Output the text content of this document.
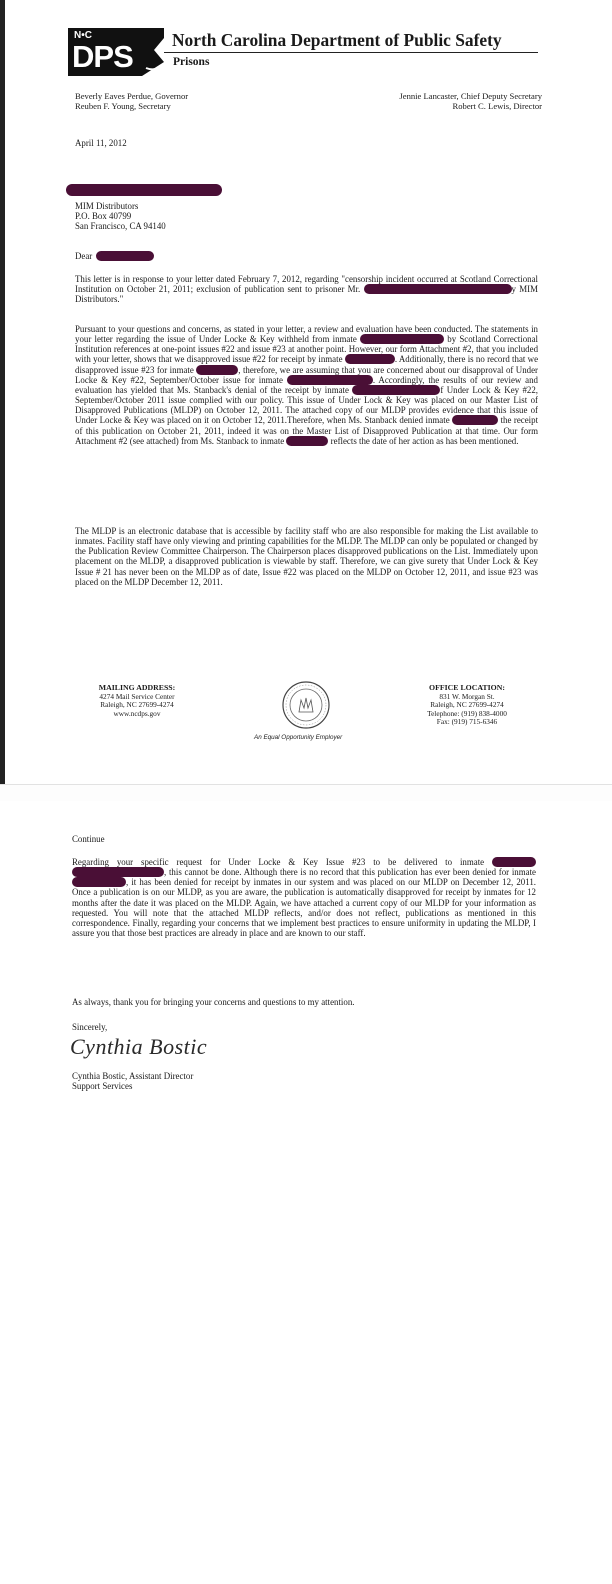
N•C
DPS North Carolina Department of Public Safety
Prisons
Beverly Eaves Perdue, Governor
Reuben F. Young, Secretary
Jennie Lancaster, Chief Deputy Secretary
Robert C. Lewis, Director
April 11, 2012
MIM Distributors
P.O. Box 40799
San Francisco, CA 94140
Dear
This letter is in response to your letter dated February 7, 2012, regarding "censorship incident occurred at Scotland Correctional Institution on October 21, 2011; exclusion of publication sent to prisoner Mr.	y MIM Distributors."
Pursuant to your questions and concerns, as stated in your letter, a review and evaluation have been conducted. The statements in your letter regarding the issue of Under Locke & Key withheld from inmate	by Scotland Correctional Institution references at one-point issues #22 and issue #23 at another point. However, our form Attachment #2, that you included with your letter, shows that we disapproved issue #22 for receipt by inmate	. Additionally, there is no record that we disapproved issue #23 for inmate	, therefore, we are assuming that you are concerned about our disapproval of Under Locke & Key #22, September/October issue for inmate	. Accordingly, the results of our review and evaluation has yielded that Ms. Stanback's denial of the receipt by inmate	f Under Lock & Key #22, September/October 2011 issue complied with our policy. This issue of Under Lock & Key was placed on our Master List of Disapproved Publications (MLDP) on October 12, 2011. The attached copy of our MLDP provides evidence that this issue of Under Locke & Key was placed on it on October 12, 2011.Therefore, when Ms. Stanback denied inmate	the receipt of this publication on October 21, 2011, indeed it was on the Master List of Disapproved Publication at that time. Our form Attachment #2 (see attached) from Ms. Stanback to inmate	reflects the date of her action as has been mentioned.
The MLDP is an electronic database that is accessible by facility staff who are also responsible for making the List available to inmates. Facility staff have only viewing and printing capabilities for the MLDP. The MLDP can only be populated or changed by the Publication Review Committee Chairperson. The Chairperson places disapproved publications on the List. Immediately upon placement on the MLDP, a disapproved publication is viewable by staff. Therefore, we can give surety that Under Lock & Key Issue # 21 has never been on the MLDP as of date, Issue #22 was placed on the MLDP on October 12, 2011, and issue #23 was placed on the MLDP December 12, 2011.
MAILING ADDRESS:
4274 Mail Service Center
Raleigh, NC 27699-4274
www.ncdps.gov
An Equal Opportunity Employer
OFFICE LOCATION:
831 W. Morgan St.
Raleigh, NC 27699-4274
Telephone: (919) 838-4000
Fax: (919) 715-6346
Continue
Regarding your specific request for Under Locke & Key Issue #23 to be delivered to inmate  , this cannot be done. Although there is no record that this publication has ever been denied for inmate , it has been denied for receipt by inmates in our system and was placed on our MLDP on December 12, 2011. Once a publication is on our MLDP, as you are aware, the publication is automatically disapproved for receipt by inmates for 12 months after the date it was placed on the MLDP. Again, we have attached a current copy of our MLDP for your information as requested. You will note that the attached MLDP reflects, and/or does not reflect, publications as mentioned in this correspondence. Finally, regarding your concerns that we implement best practices to ensure uniformity in updating the MLDP, I assure you that those best practices are already in place and are known to our staff.
As always, thank you for bringing your concerns and questions to my attention.
Sincerely,
Cynthia Bostic
Cynthia Bostic, Assistant Director
Support Services
